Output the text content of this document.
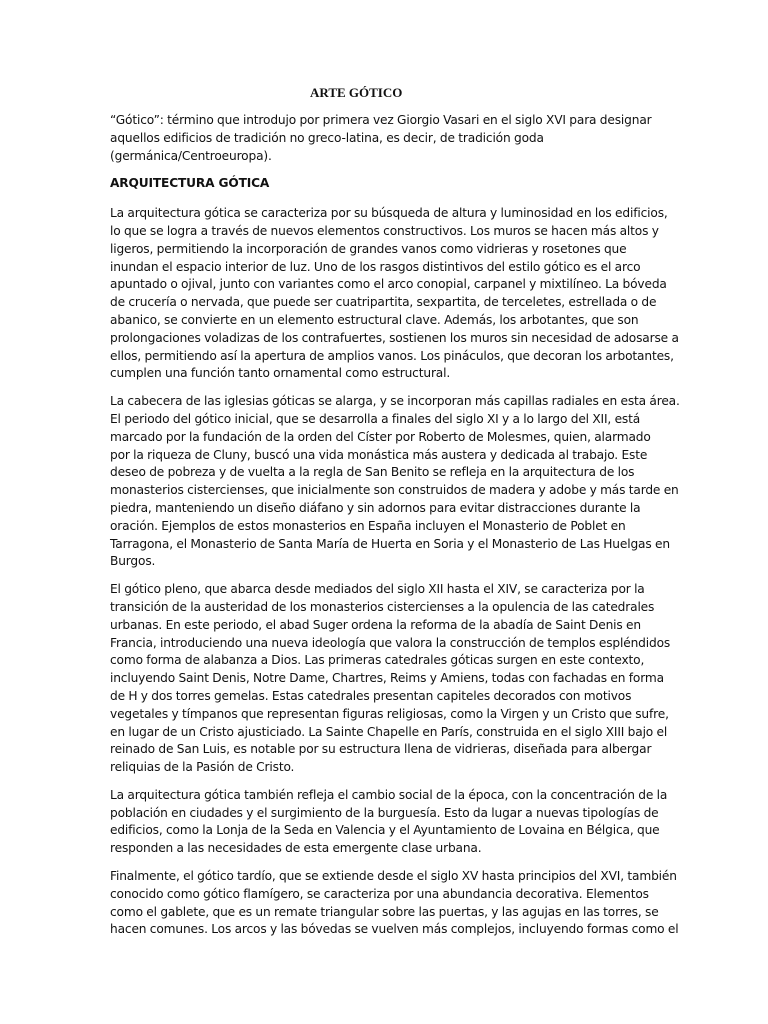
ARTE GÓTICO
“Gótico”: término que introdujo por primera vez Giorgio Vasari en el siglo XVI para designar
aquellos edificios de tradición no greco-latina, es decir, de tradición goda
(germánica/Centroeuropa).
ARQUITECTURA GÓTICA
La arquitectura gótica se caracteriza por su búsqueda de altura y luminosidad en los edificios,
lo que se logra a través de nuevos elementos constructivos. Los muros se hacen más altos y
ligeros, permitiendo la incorporación de grandes vanos como vidrieras y rosetones que
inundan el espacio interior de luz. Uno de los rasgos distintivos del estilo gótico es el arco
apuntado o ojival, junto con variantes como el arco conopial, carpanel y mixtilíneo. La bóveda
de crucería o nervada, que puede ser cuatripartita, sexpartita, de terceletes, estrellada o de
abanico, se convierte en un elemento estructural clave. Además, los arbotantes, que son
prolongaciones voladizas de los contrafuertes, sostienen los muros sin necesidad de adosarse a
ellos, permitiendo así la apertura de amplios vanos. Los pináculos, que decoran los arbotantes,
cumplen una función tanto ornamental como estructural.
La cabecera de las iglesias góticas se alarga, y se incorporan más capillas radiales en esta área.
El periodo del gótico inicial, que se desarrolla a finales del siglo XI y a lo largo del XII, está
marcado por la fundación de la orden del Císter por Roberto de Molesmes, quien, alarmado
por la riqueza de Cluny, buscó una vida monástica más austera y dedicada al trabajo. Este
deseo de pobreza y de vuelta a la regla de San Benito se refleja en la arquitectura de los
monasterios cistercienses, que inicialmente son construidos de madera y adobe y más tarde en
piedra, manteniendo un diseño diáfano y sin adornos para evitar distracciones durante la
oración. Ejemplos de estos monasterios en España incluyen el Monasterio de Poblet en
Tarragona, el Monasterio de Santa María de Huerta en Soria y el Monasterio de Las Huelgas en
Burgos.
El gótico pleno, que abarca desde mediados del siglo XII hasta el XIV, se caracteriza por la
transición de la austeridad de los monasterios cistercienses a la opulencia de las catedrales
urbanas. En este periodo, el abad Suger ordena la reforma de la abadía de Saint Denis en
Francia, introduciendo una nueva ideología que valora la construcción de templos espléndidos
como forma de alabanza a Dios. Las primeras catedrales góticas surgen en este contexto,
incluyendo Saint Denis, Notre Dame, Chartres, Reims y Amiens, todas con fachadas en forma
de H y dos torres gemelas. Estas catedrales presentan capiteles decorados con motivos
vegetales y tímpanos que representan figuras religiosas, como la Virgen y un Cristo que sufre,
en lugar de un Cristo ajusticiado. La Sainte Chapelle en París, construida en el siglo XIII bajo el
reinado de San Luis, es notable por su estructura llena de vidrieras, diseñada para albergar
reliquias de la Pasión de Cristo.
La arquitectura gótica también refleja el cambio social de la época, con la concentración de la
población en ciudades y el surgimiento de la burguesía. Esto da lugar a nuevas tipologías de
edificios, como la Lonja de la Seda en Valencia y el Ayuntamiento de Lovaina en Bélgica, que
responden a las necesidades de esta emergente clase urbana.
Finalmente, el gótico tardío, que se extiende desde el siglo XV hasta principios del XVI, también
conocido como gótico flamígero, se caracteriza por una abundancia decorativa. Elementos
como el gablete, que es un remate triangular sobre las puertas, y las agujas en las torres, se
hacen comunes. Los arcos y las bóvedas se vuelven más complejos, incluyendo formas como el
